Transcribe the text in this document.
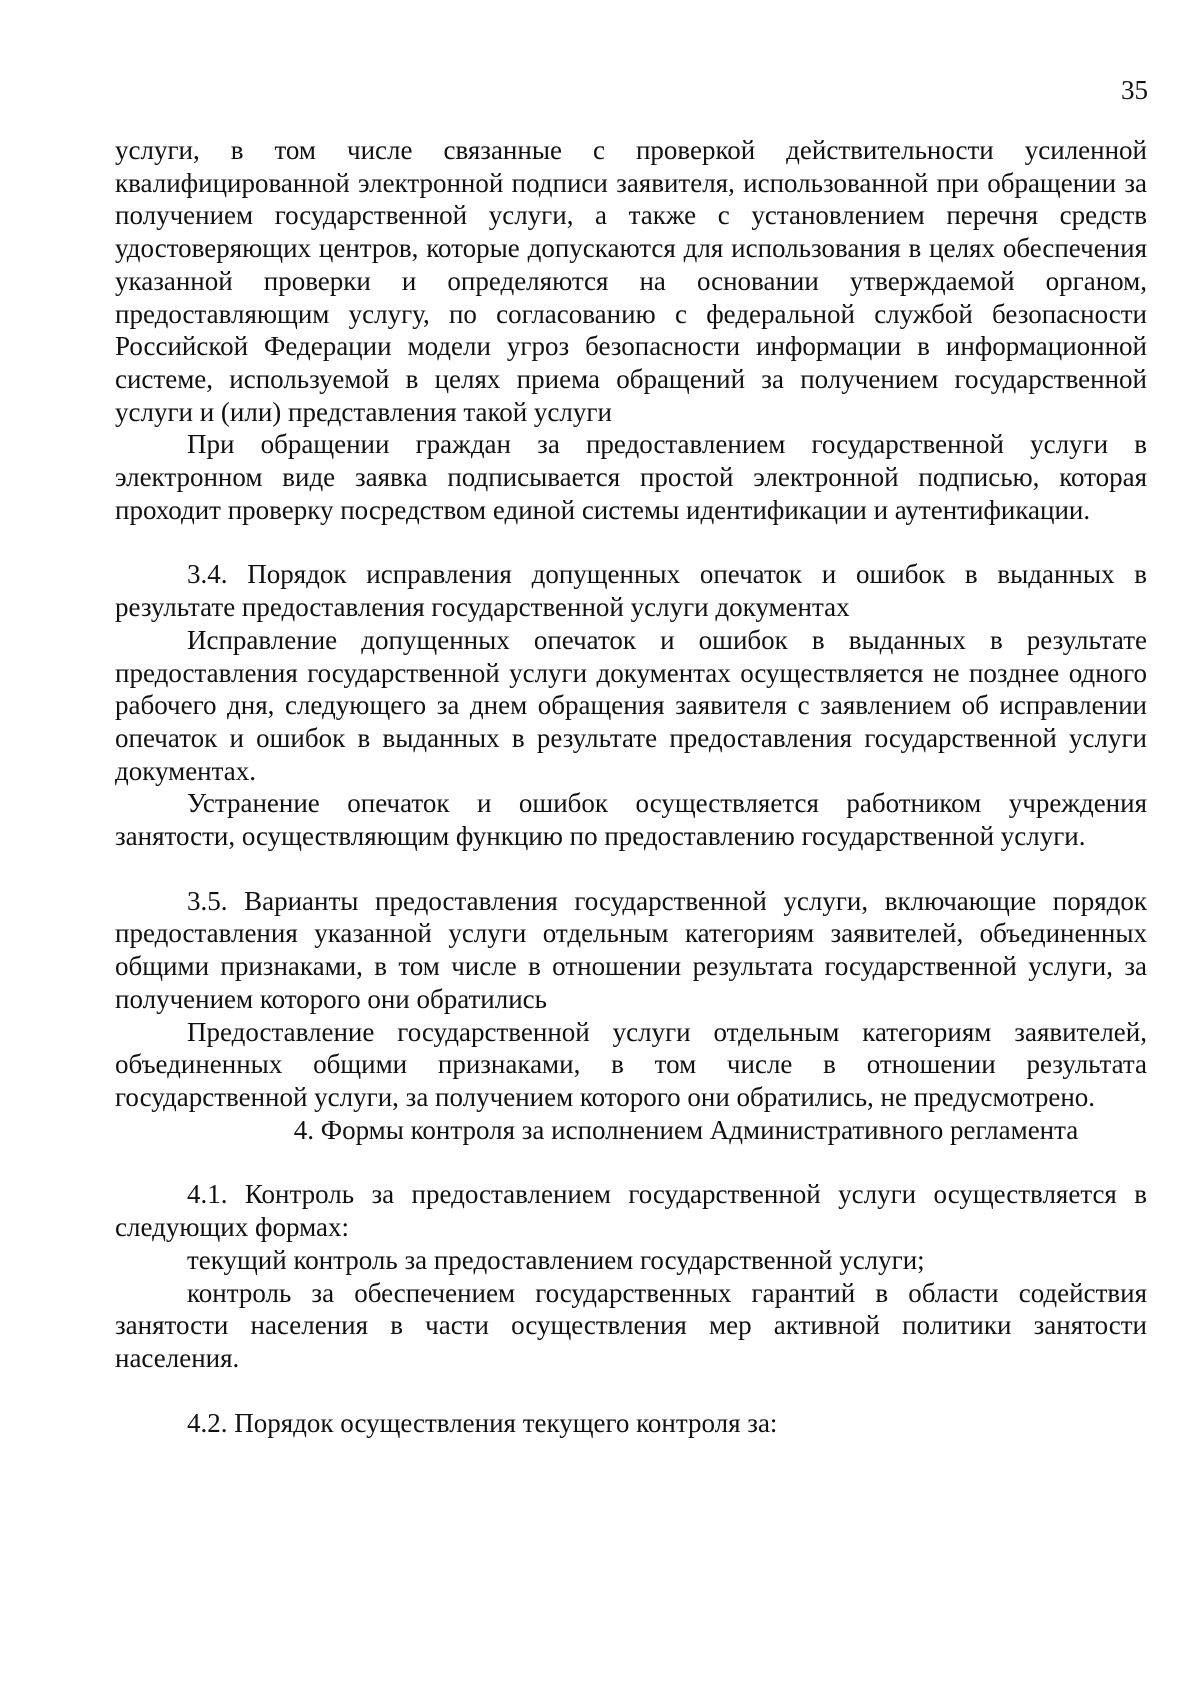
35

услуги, в том числе связанные с проверкой действительности усиленной квалифицированной электронной подписи заявителя, использованной при обращении за получением государственной услуги, а также с установлением перечня средств удостоверяющих центров, которые допускаются для использования в целях обеспечения указанной проверки и определяются на основании утверждаемой органом, предоставляющим услугу, по согласованию с федеральной службой безопасности Российской Федерации модели угроз безопасности информации в информационной системе, используемой в целях приема обращений за получением государственной услуги и (или) представления такой услуги

При обращении граждан за предоставлением государственной услуги в электронном виде заявка подписывается простой электронной подписью, которая проходит проверку посредством единой системы идентификации и аутентификации.

3.4. Порядок исправления допущенных опечаток и ошибок в выданных в результате предоставления государственной услуги документах

Исправление допущенных опечаток и ошибок в выданных в результате предоставления государственной услуги документах осуществляется не позднее одного рабочего дня, следующего за днем обращения заявителя с заявлением об исправлении опечаток и ошибок в выданных в результате предоставления государственной услуги документах.

Устранение опечаток и ошибок осуществляется работником учреждения занятости, осуществляющим функцию по предоставлению государственной услуги.

3.5. Варианты предоставления государственной услуги, включающие порядок предоставления указанной услуги отдельным категориям заявителей, объединенных общими признаками, в том числе в отношении результата государственной услуги, за получением которого они обратились

Предоставление государственной услуги отдельным категориям заявителей, объединенных общими признаками, в том числе в отношении результата государственной услуги, за получением которого они обратились, не предусмотрено.

4. Формы контроля за исполнением Административного регламента

4.1. Контроль за предоставлением государственной услуги осуществляется в следующих формах:

текущий контроль за предоставлением государственной услуги;

контроль за обеспечением государственных гарантий в области содействия занятости населения в части осуществления мер активной политики занятости населения.

4.2. Порядок осуществления текущего контроля за:
